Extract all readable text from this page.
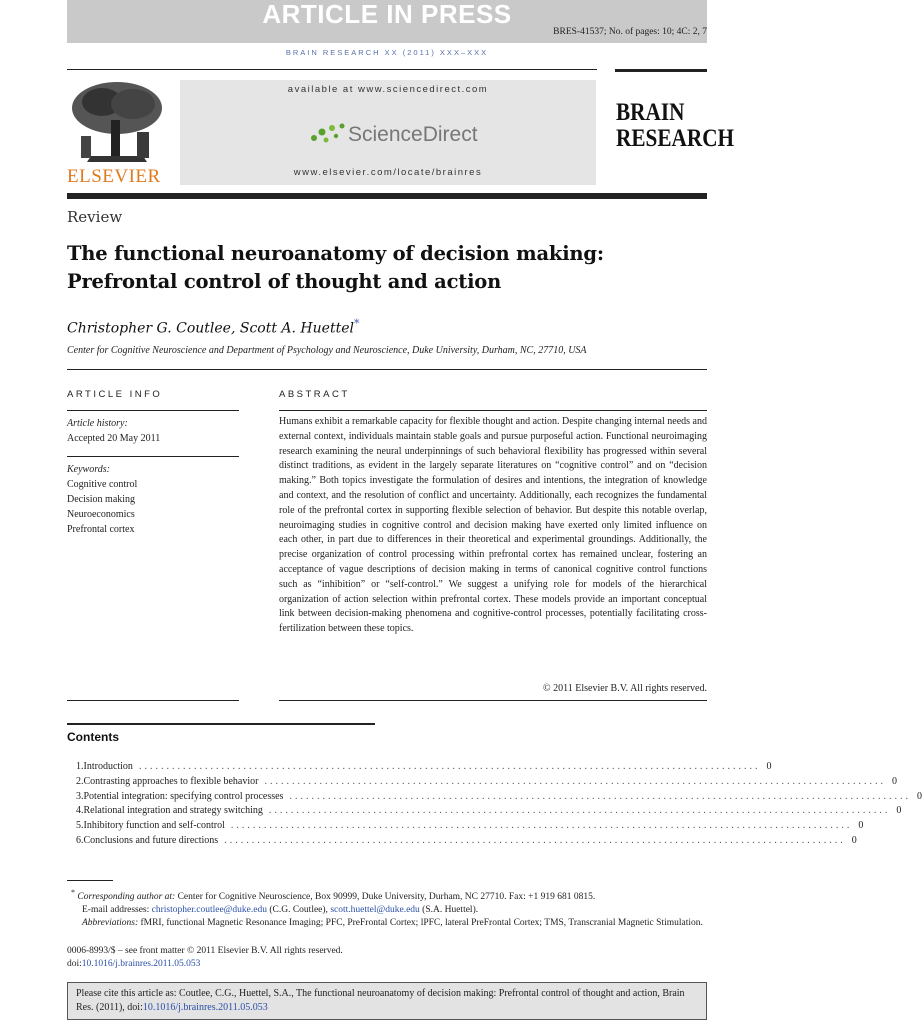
ARTICLE IN PRESS
BRES-41537; No. of pages: 10; 4C: 2, 7
BRAIN RESEARCH XX (2011) XXX–XXX
ELSEVIER
available at www.sciencedirect.com
ScienceDirect
www.elsevier.com/locate/brainres
BRAIN
RESEARCH
Review
The functional neuroanatomy of decision making: Prefrontal control of thought and action
Christopher G. Coutlee, Scott A. Huettel*
Center for Cognitive Neuroscience and Department of Psychology and Neuroscience, Duke University, Durham, NC, 27710, USA
ARTICLE INFO
Article history:
Accepted 20 May 2011
Keywords:
Cognitive control
Decision making
Neuroeconomics
Prefrontal cortex
ABSTRACT
Humans exhibit a remarkable capacity for flexible thought and action. Despite changing internal needs and external context, individuals maintain stable goals and pursue purposeful action. Functional neuroimaging research examining the neural underpinnings of such behavioral flexibility has progressed within several distinct traditions, as evident in the largely separate literatures on “cognitive control” and on “decision making.” Both topics investigate the formulation of desires and intentions, the integration of knowledge and context, and the resolution of conflict and uncertainty. Additionally, each recognizes the fundamental role of the prefrontal cortex in supporting flexible selection of behavior. But despite this notable overlap, neuroimaging studies in cognitive control and decision making have exerted only limited influence on each other, in part due to differences in their theoretical and experimental groundings. Additionally, the precise organization of control processing within prefrontal cortex has remained unclear, fostering an acceptance of vague descriptions of decision making in terms of canonical cognitive control functions such as “inhibition” or “self-control.” We suggest a unifying role for models of the hierarchical organization of action selection within prefrontal cortex. These models provide an important conceptual link between decision-making phenomena and cognitive-control processes, potentially facilitating cross-fertilization between these topics.
© 2011 Elsevier B.V. All rights reserved.
Contents
1. Introduction ................................................................................................................. 0
2. Contrasting approaches to flexible behavior ................................................................................................................. 0
3. Potential integration: specifying control processes ................................................................................................................. 0
4. Relational integration and strategy switching ................................................................................................................. 0
5. Inhibitory function and self-control ................................................................................................................. 0
6. Conclusions and future directions ................................................................................................................. 0
* Corresponding author at: Center for Cognitive Neuroscience, Box 90999, Duke University, Durham, NC 27710. Fax: +1 919 681 0815.
E-mail addresses: christopher.coutlee@duke.edu (C.G. Coutlee), scott.huettel@duke.edu (S.A. Huettel).
Abbreviations: fMRI, functional Magnetic Resonance Imaging; PFC, PreFrontal Cortex; lPFC, lateral PreFrontal Cortex; TMS, Transcranial Magnetic Stimulation.
0006-8993/$ – see front matter © 2011 Elsevier B.V. All rights reserved.
doi:10.1016/j.brainres.2011.05.053
Please cite this article as: Coutlee, C.G., Huettel, S.A., The functional neuroanatomy of decision making: Prefrontal control of thought and action, Brain Res. (2011), doi:10.1016/j.brainres.2011.05.053
